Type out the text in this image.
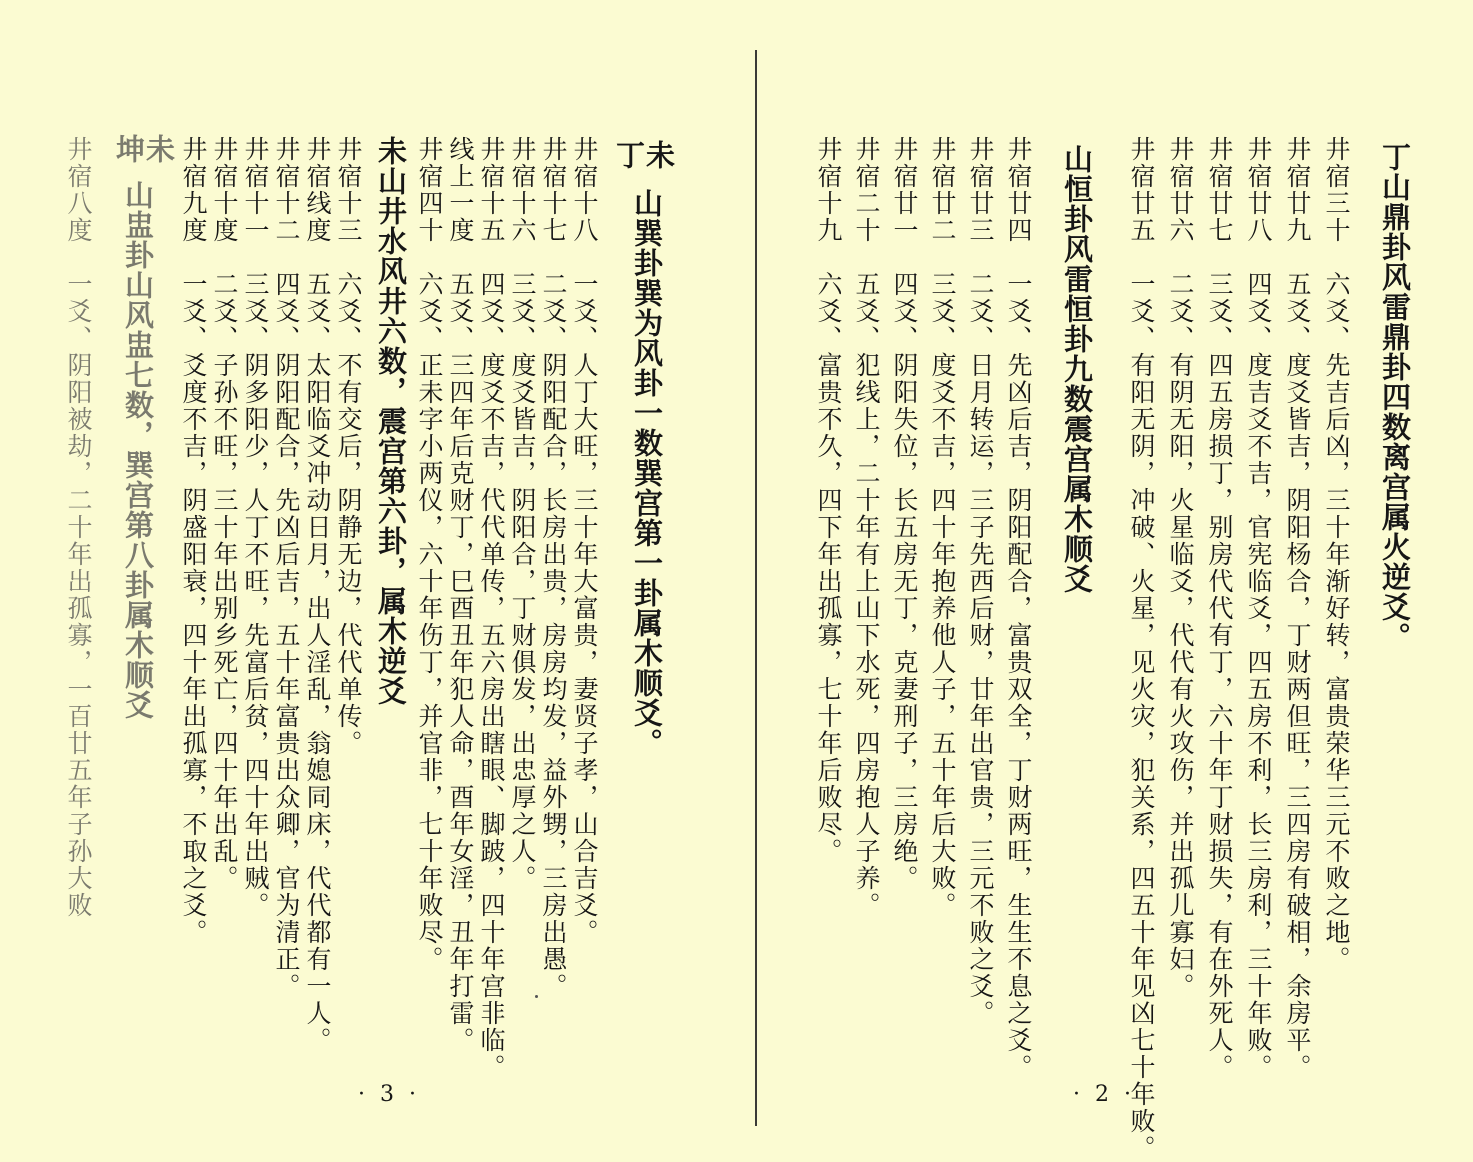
丁山鼎卦风雷鼎卦四数离宫属火逆爻。
井宿三十　六爻、先吉后凶，三十年渐好转，富贵荣华三元不败之地。
井宿廿九　五爻、度爻皆吉，阴阳杨合，丁财两但旺，三四房有破相，余房平。
井宿廿八　四爻、度吉爻不吉，官宪临爻，四五房不利，长三房利，三十年败。
井宿廿七　三爻、四五房损丁，别房代代有丁，六十年丁财损失，有在外死人。
井宿廿六　二爻、有阴无阳，火星临爻，代代有火攻伤，并出孤儿寡妇。
井宿廿五　一爻、有阳无阴，冲破、火星，见火灾，犯关系，四五十年见凶七十年败。
山恒卦风雷恒卦九数震宫属木顺爻
井宿廿四　一爻、先凶后吉，阴阳配合，富贵双全，丁财两旺，生生不息之爻。
井宿廿三　二爻、日月转运，三子先西后财，廿年出官贵，三元不败之爻。
井宿廿二　三爻、度爻不吉，四十年抱养他人子，五十年后大败。
井宿廿一　四爻、阴阳失位，长五房无丁，克妻刑子，三房绝。
井宿二十　五爻、犯线上，二十年有上山下水死，四房抱人子养。
井宿十九　六爻、富贵不久，四下年出孤寡，七十年后败尽。
· 2 ·
未
丁
山巽卦巽为风卦一数巽宫第一卦属木顺爻。
井宿十八　一爻、人丁大旺，三十年大富贵，妻贤子孝，山合吉爻。
井宿十七　二爻、阴阳配合，长房出贵，房房均发，益外甥，三房出愚。
井宿十六　三爻、度爻皆吉，阴阳合，丁财俱发，出忠厚之人。
井宿十五　四爻、度爻不吉，代代单传，五六房出瞎眼、脚跛，四十年宫非临。
线上一度　五爻、三四年后克财丁，巳酉丑年犯人命，酉年女淫，丑年打雷。
井宿四十　六爻、正未字小两仪，六十年伤丁，并官非，七十年败尽。
未山井水风井六数，震宫第六卦，属木逆爻
井宿十三　六爻、不有交后，阴静无边，代代单传。
井宿线度　五爻、太阳临爻冲动日月，出人淫乱，翁媳同床，代代都有一人。
井宿十二　四爻、阴阳配合，先凶后吉，五十年富贵出众卿，官为清正。
井宿十一　三爻、阴多阳少，人丁不旺，先富后贫，四十年出贼。
井宿十度　二爻、子孙不旺，三十年出别乡死亡，四十年出乱。
井宿九度　一爻、爻度不吉，阴盛阳衰，四十年出孤寡，不取之爻。
未
坤
山盅卦山风盅七数，巽宫第八卦属木顺爻
井宿八度　一爻、阴阳被劫，二十年出孤寡，一百廿五年子孙大败
· 3 ·
